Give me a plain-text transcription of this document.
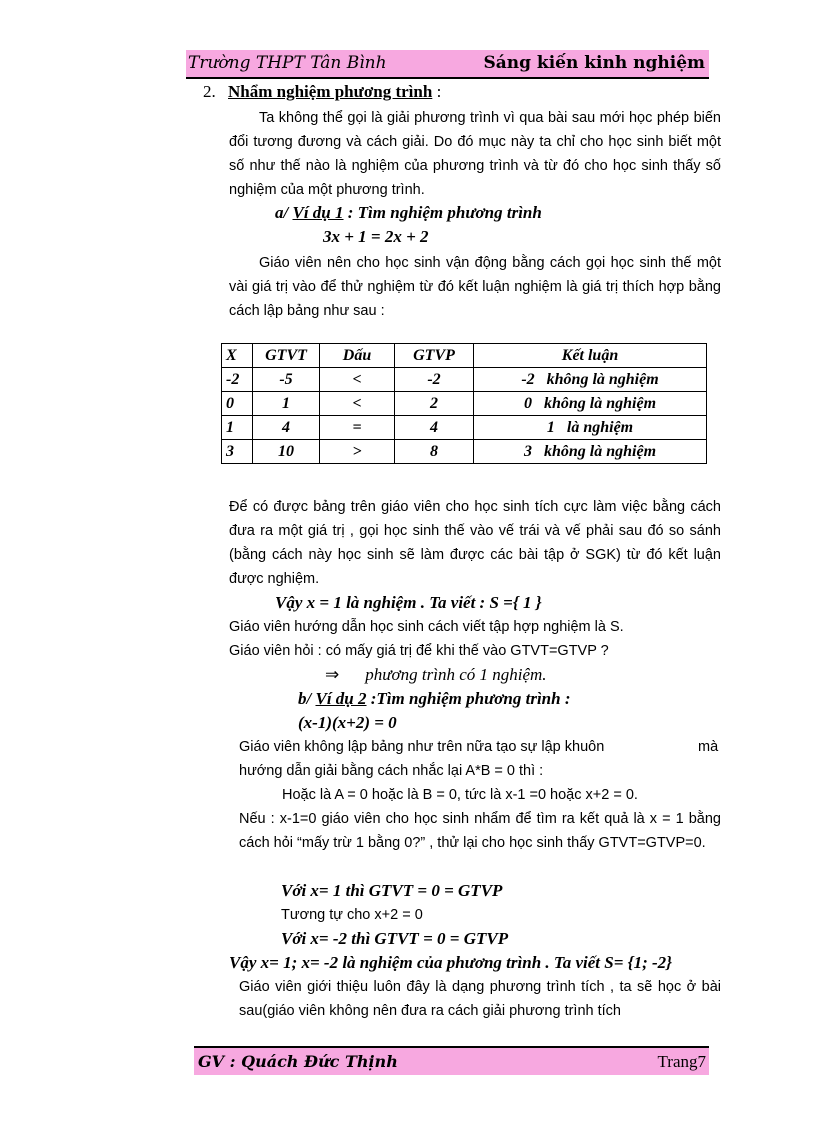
Trường THPT Tân Bình	Sáng kiến kinh nghiệm
2. Nhẩm nghiệm phương trình :
Ta không thể gọi là giải phương trình vì qua bài sau mới học phép biến đổi tương đương và cách giải. Do đó mục này ta chỉ cho học sinh biết một số như thế nào là nghiệm của phương trình và từ đó cho học sinh thấy số nghiệm của một phương trình.
a/ Ví dụ 1 : Tìm nghiệm phương trình
3x + 1 = 2x + 2
Giáo viên nên cho học sinh vận động bằng cách gọi học sinh thế một vài giá trị vào để thử nghiệm từ đó kết luận nghiệm là giá trị thích hợp bằng cách lập bảng như sau :
X	GTVT	Dấu	GTVP	Kết luận
-2	-5	<	-2	-2   không là nghiệm
0	1	<	2	0   không là nghiệm
1	4	=	4	1   là nghiệm
3	10	>	8	3   không là nghiệm
Để có được bảng trên giáo viên cho học sinh tích cực làm việc bằng cách đưa ra một giá trị , gọi học sinh thế vào vế trái và vế phải sau đó so sánh (bằng cách này học sinh sẽ làm được các bài tập ở SGK) từ đó kết luận được nghiệm.
Vậy x = 1 là nghiệm . Ta viết : S ={ 1 }
Giáo viên hướng dẫn học sinh cách viết tập hợp nghiệm là S.
Giáo viên hỏi : có mấy giá trị để khi thế vào GTVT=GTVP ?
⇒ phương trình có 1 nghiệm.
b/ Ví dụ 2 :Tìm nghiệm phương trình :
(x-1)(x+2) = 0
Giáo viên không lập bảng như trên nữa tạo sự lập khuôn	mà
hướng dẫn giải bằng cách nhắc lại A*B = 0 thì :
Hoặc là A = 0 hoặc là B = 0, tức là x-1 =0 hoặc x+2 = 0.
Nếu : x-1=0 giáo viên cho học sinh nhẩm để tìm ra kết quả là x = 1 bằng cách hỏi “mấy trừ 1 bằng 0?” , thử lại cho học sinh thấy GTVT=GTVP=0.
Với x= 1 thì GTVT = 0 = GTVP
Tương tự cho x+2 = 0
Với x= -2 thì GTVT = 0 = GTVP
Vậy x= 1; x= -2 là nghiệm của phương trình . Ta viết S= {1; -2}
Giáo viên giới thiệu luôn đây là dạng phương trình tích , ta sẽ học ở bài sau(giáo viên không nên đưa ra cách giải phương trình tích
GV : Quách Đức Thịnh	Trang7
